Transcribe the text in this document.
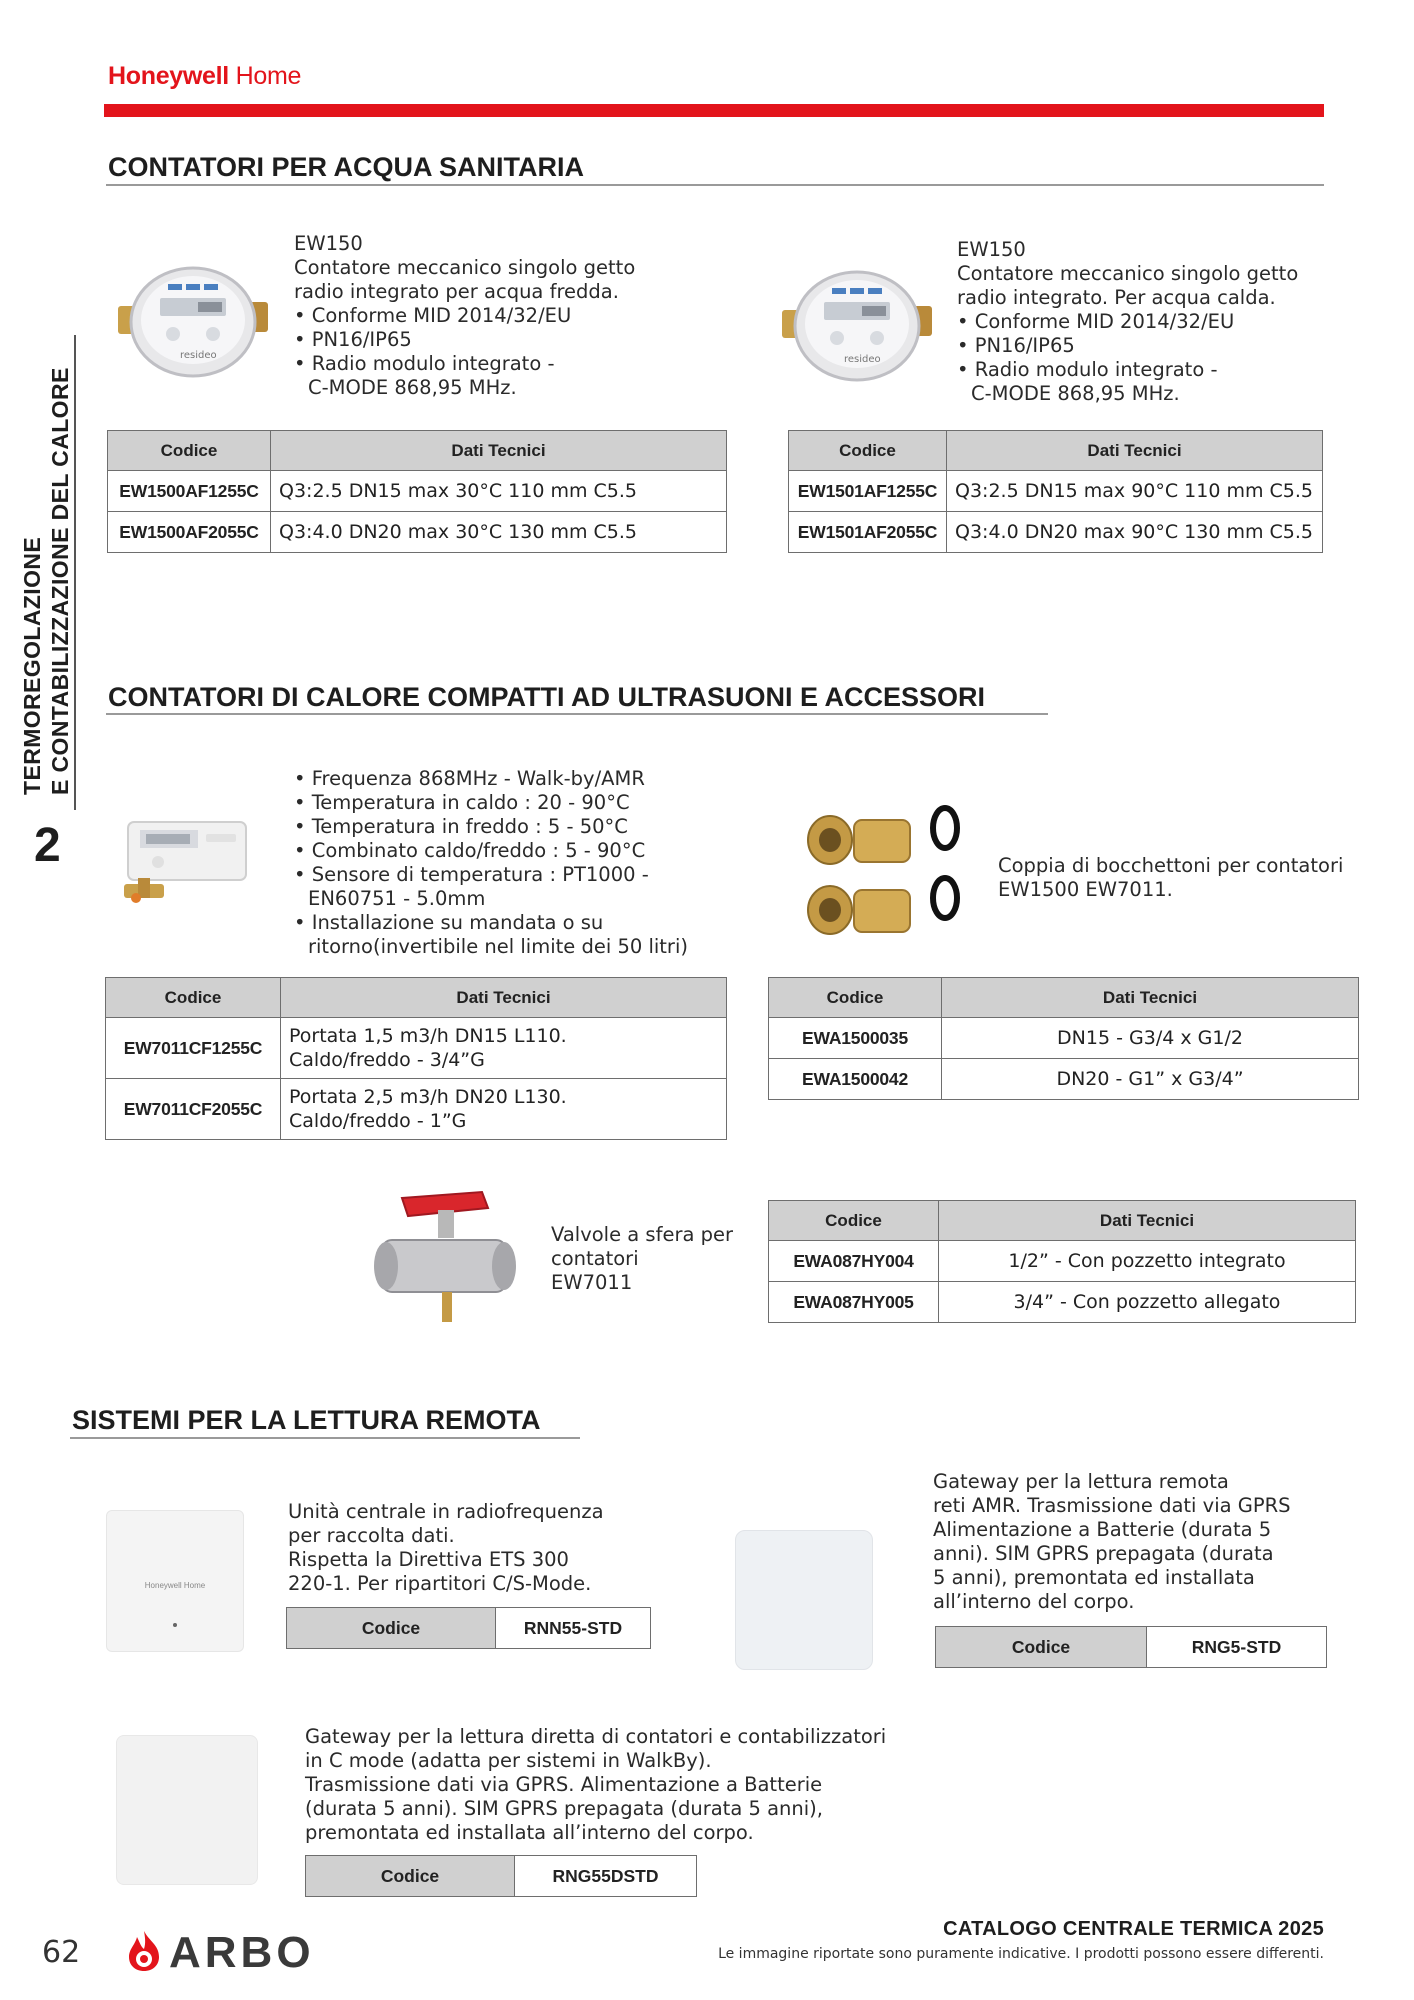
Honeywell Home
TERMOREGOLAZIONE E CONTABILIZZAZIONE DEL CALORE
2
CONTATORI PER ACQUA SANITARIA
resideo
EW150
Contatore meccanico singolo getto
radio integrato per acqua fredda.
• Conforme MID 2014/32/EU
• PN16/IP65
• Radio modulo integrato -
C-MODE 868,95 MHz.
Codice	Dati Tecnici
EW1500AF1255C	Q3:2.5 DN15 max 30°C 110 mm C5.5
EW1500AF2055C	Q3:4.0 DN20 max 30°C 130 mm C5.5
resideo
EW150
Contatore meccanico singolo getto
radio integrato. Per acqua calda.
• Conforme MID 2014/32/EU
• PN16/IP65
• Radio modulo integrato -
C-MODE 868,95 MHz.
Codice	Dati Tecnici
EW1501AF1255C	Q3:2.5 DN15 max 90°C 110 mm C5.5
EW1501AF2055C	Q3:4.0 DN20 max 90°C 130 mm C5.5
CONTATORI DI CALORE COMPATTI AD ULTRASUONI E ACCESSORI
• Frequenza 868MHz - Walk-by/AMR
• Temperatura in caldo : 20 - 90°C
• Temperatura in freddo : 5 - 50°C
• Combinato caldo/freddo : 5 - 90°C
• Sensore di temperatura : PT1000 -
EN60751 - 5.0mm
• Installazione su mandata o su
ritorno(invertibile nel limite dei 50 litri)
Codice	Dati Tecnici
EW7011CF1255C	Portata 1,5 m3/h DN15 L110.
Caldo/freddo - 3/4”G

EW7011CF2055C	Portata 2,5 m3/h DN20 L130.
Caldo/freddo - 1”G
Coppia di bocchettoni per contatori
EW1500 EW7011.
Codice	Dati Tecnici
EWA1500035	DN15 - G3/4 x G1/2
EWA1500042	DN20 - G1” x G3/4”
Valvole a sfera per
contatori
EW7011
Codice	Dati Tecnici
EWA087HY004	1/2” - Con pozzetto integrato
EWA087HY005	3/4” - Con pozzetto allegato
SISTEMI PER LA LETTURA REMOTA
Honeywell Home
Unità centrale in radiofrequenza
per raccolta dati.
Rispetta la Direttiva ETS 300
220-1. Per ripartitori C/S-Mode.
Codice	RNN55-STD
Gateway per la lettura remota
reti AMR. Trasmissione dati via GPRS
Alimentazione a Batterie (durata 5
anni). SIM GPRS prepagata (durata
5 anni), premontata ed installata
all’interno del corpo.
Codice	RNG5-STD
Gateway per la lettura diretta di contatori e contabilizzatori
in C mode (adatta per sistemi in WalkBy).
Trasmissione dati via GPRS. Alimentazione a Batterie
(durata 5 anni). SIM GPRS prepagata (durata 5 anni),
premontata ed installata all’interno del corpo.
Codice	RNG55DSTD
62 ARBO	CATALOGO CENTRALE TERMICA 2025
Le immagine riportate sono puramente indicative. I prodotti possono essere differenti.
